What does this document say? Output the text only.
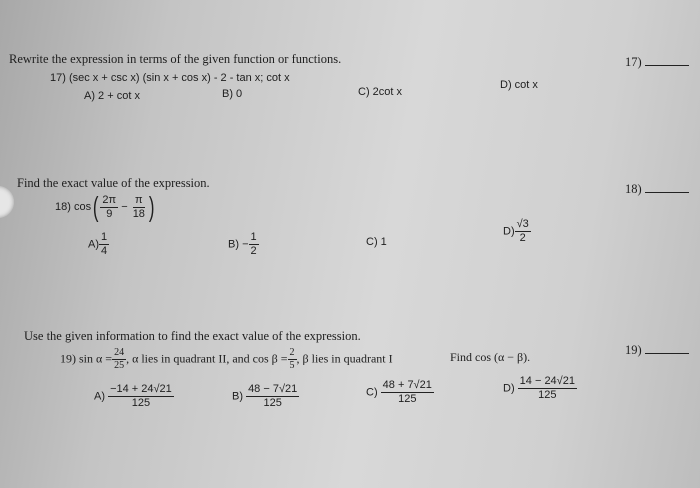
Rewrite the expression in terms of the given function or functions.	17)
17) (sec x + csc x) (sin x + cos x) - 2 - tan x; cot x
A) 2 + cot x	B) 0	C) 2cot x
D) cot x
Find the exact value of the expression.	18)
18) $\cos( \frac{2\pi}{9} - \frac{\pi}{18}$ )
$A) \frac{1}{4}$	$B) - \frac{1}{2}$	C) 1
$D) \frac{√3}{2}$
Use the given information to find the exact value of the expression.
19)
19) $\sin \alpha = \frac{24}{25}$ , α lies in quadrant II, and $\cos \beta = \frac{2}{5}$ , β lies in quadrant I	Find cos (α − β).
$A) \frac{-14 + 24√21}{125}$	$B) \frac{48 - 7√21}{125}$	$C) \frac{48 + 7√21}{125}$	$D) \frac{14 - 24√21}{125}$
